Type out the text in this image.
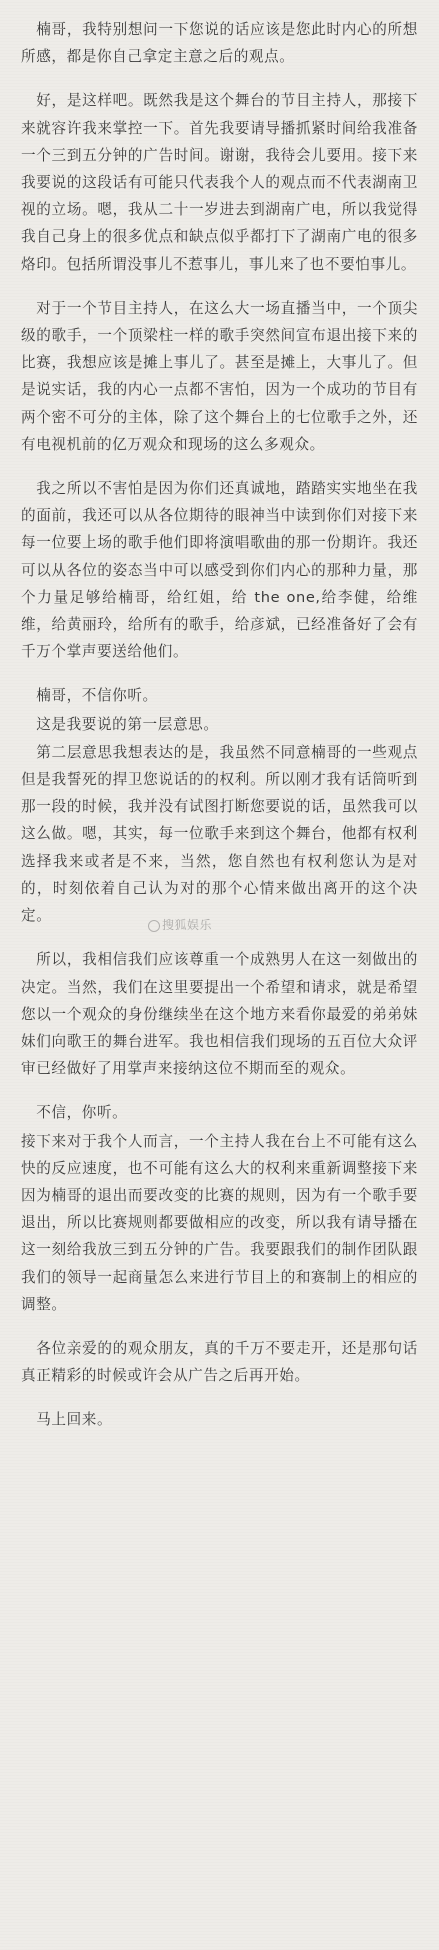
　楠哥，我特别想问一下您说的话应该是您此时内心的所想所感，都是你自己拿定主意之后的观点。

　好，是这样吧。既然我是这个舞台的节目主持人，那接下来就容许我来掌控一下。首先我要请导播抓紧时间给我准备一个三到五分钟的广告时间。谢谢，我待会儿要用。接下来我要说的这段话有可能只代表我个人的观点而不代表湖南卫视的立场。嗯，我从二十一岁进去到湖南广电，所以我觉得我自己身上的很多优点和缺点似乎都打下了湖南广电的很多烙印。包括所谓没事儿不惹事儿，事儿来了也不要怕事儿。

　对于一个节目主持人，在这么大一场直播当中，一个顶尖级的歌手，一个顶梁柱一样的歌手突然间宣布退出接下来的比赛，我想应该是摊上事儿了。甚至是摊上，大事儿了。但是说实话，我的内心一点都不害怕，因为一个成功的节目有两个密不可分的主体，除了这个舞台上的七位歌手之外，还有电视机前的亿万观众和现场的这么多观众。

　我之所以不害怕是因为你们还真诚地，踏踏实实地坐在我的面前，我还可以从各位期待的眼神当中读到你们对接下来每一位要上场的歌手他们即将演唱歌曲的那一份期许。我还可以从各位的姿态当中可以感受到你们内心的那种力量，那个力量足够给楠哥，给红姐，给 the one,给李健，给维维，给黄丽玲，给所有的歌手，给彦斌，已经准备好了会有千万个掌声要送给他们。

　楠哥，不信你听。

　这是我要说的第一层意思。

　第二层意思我想表达的是，我虽然不同意楠哥的一些观点但是我誓死的捍卫您说话的的权利。所以刚才我有话筒听到那一段的时候，我并没有试图打断您要说的话，虽然我可以这么做。嗯，其实，每一位歌手来到这个舞台，他都有权利选择我来或者是不来，当然，您自然也有权利您认为是对的，时刻依着自己认为对的那个心情来做出离开的这个决定。

　所以，我相信我们应该尊重一个成熟男人在这一刻做出的决定。当然，我们在这里要提出一个希望和请求，就是希望您以一个观众的身份继续坐在这个地方来看你最爱的弟弟妹妹们向歌王的舞台进军。我也相信我们现场的五百位大众评审已经做好了用掌声来接纳这位不期而至的观众。

　不信，你听。

接下来对于我个人而言，一个主持人我在台上不可能有这么快的反应速度，也不可能有这么大的权利来重新调整接下来因为楠哥的退出而要改变的比赛的规则，因为有一个歌手要退出，所以比赛规则都要做相应的改变，所以我有请导播在这一刻给我放三到五分钟的广告。我要跟我们的制作团队跟我们的领导一起商量怎么来进行节目上的和赛制上的相应的调整。

　各位亲爱的的观众朋友，真的千万不要走开，还是那句话真正精彩的时候或许会从广告之后再开始。

　马上回来。

搜狐娱乐
